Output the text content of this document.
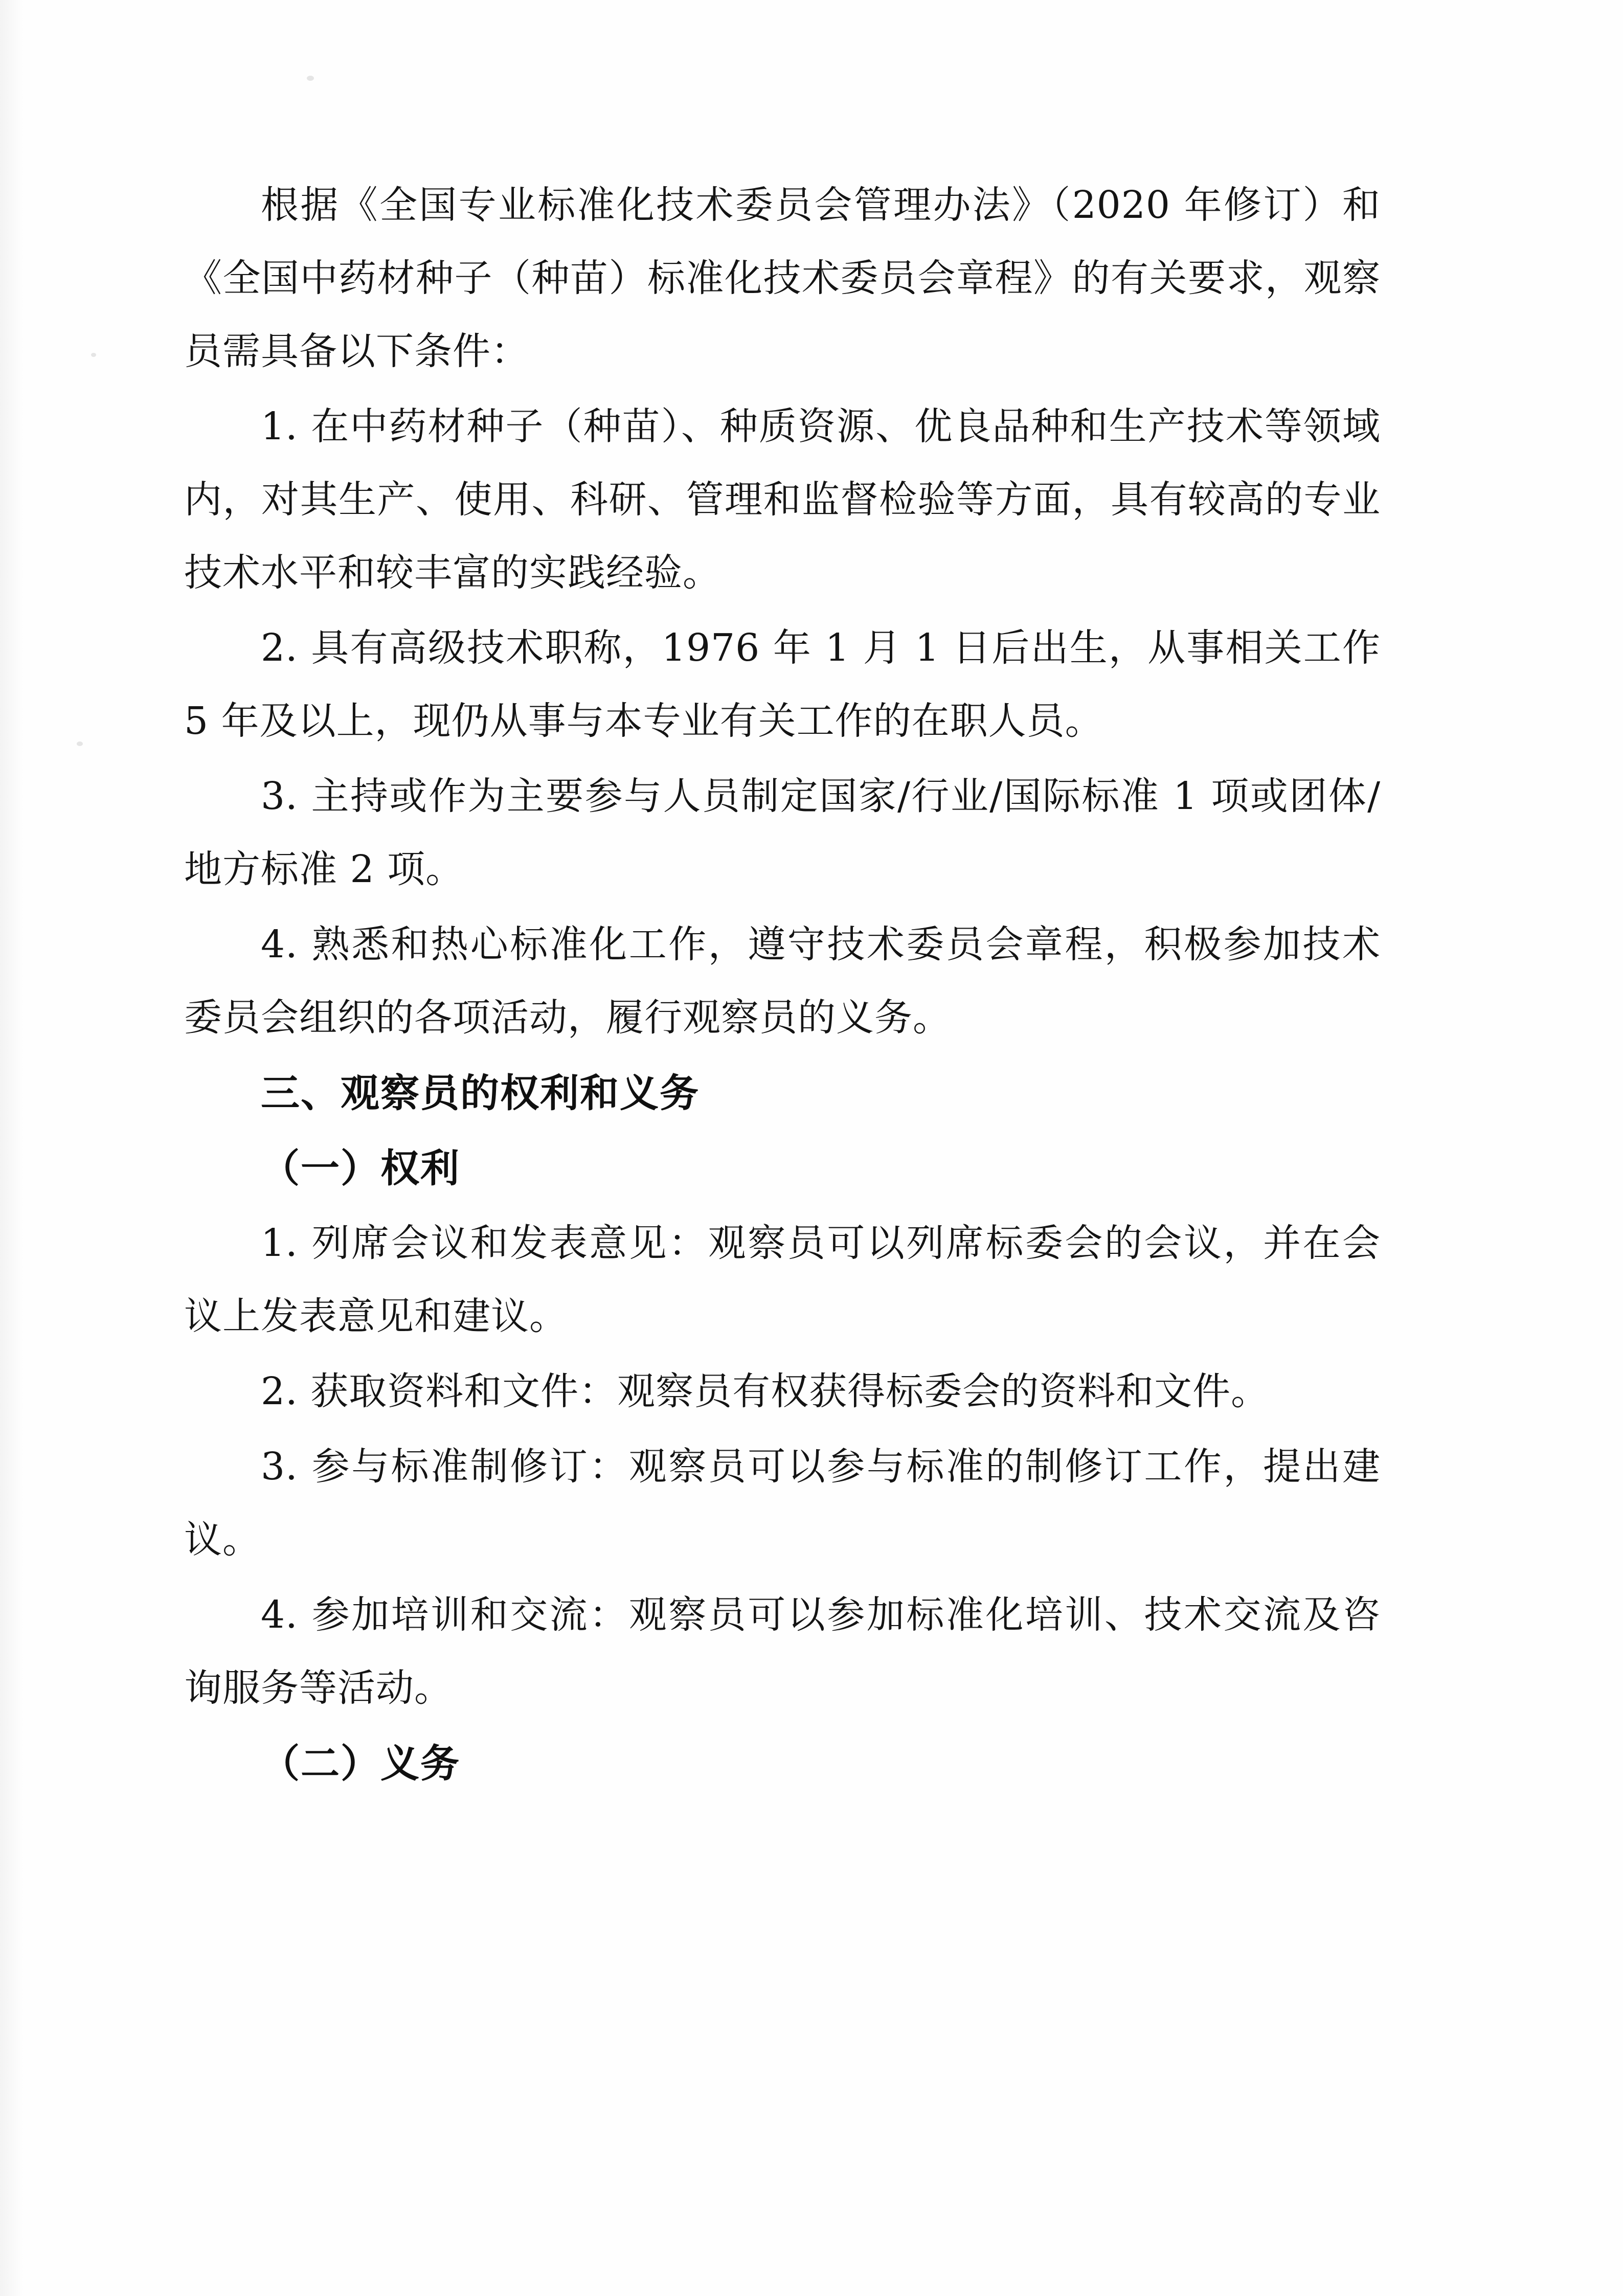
根据《全国专业标准化技术委员会管理办法》（2020 年修订）和《全国中药材种子（种苗）标准化技术委员会章程》的有关要求，观察员需具备以下条件：

1. 在中药材种子（种苗）、种质资源、优良品种和生产技术等领域内，对其生产、使用、科研、管理和监督检验等方面，具有较高的专业技术水平和较丰富的实践经验。

2. 具有高级技术职称，1976 年 1 月 1 日后出生，从事相关工作 5 年及以上，现仍从事与本专业有关工作的在职人员。

3. 主持或作为主要参与人员制定国家/行业/国际标准 1 项或团体/地方标准 2 项。

4. 熟悉和热心标准化工作，遵守技术委员会章程，积极参加技术委员会组织的各项活动，履行观察员的义务。

三、观察员的权利和义务

（一）权利

1. 列席会议和发表意见：观察员可以列席标委会的会议，并在会议上发表意见和建议。

2. 获取资料和文件：观察员有权获得标委会的资料和文件。

3. 参与标准制修订：观察员可以参与标准的制修订工作，提出建议。

4. 参加培训和交流：观察员可以参加标准化培训、技术交流及咨询服务等活动。

（二）义务
